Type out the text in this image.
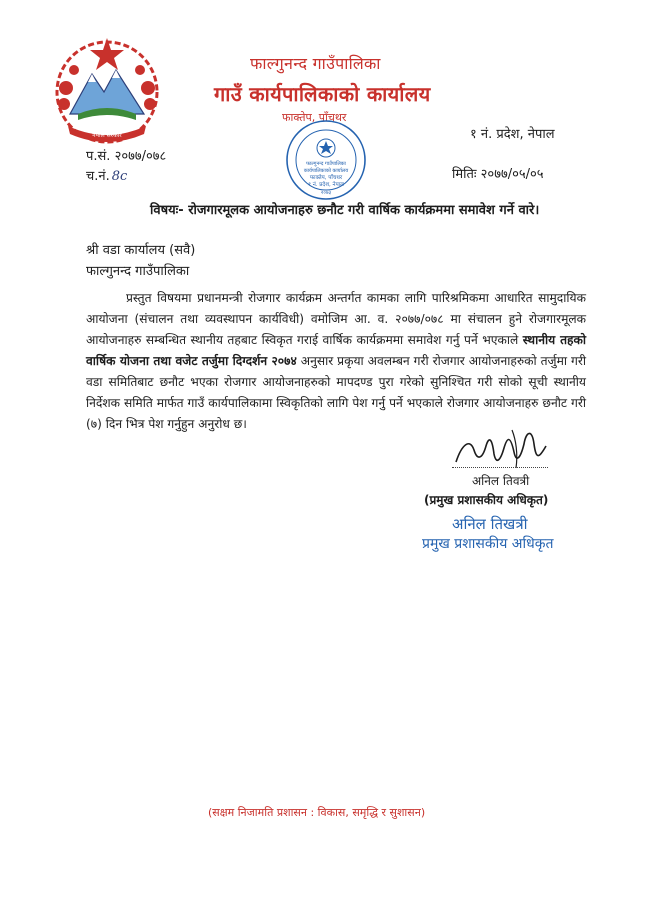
नेपाल सरकार
फाल्गुनन्द गाउँपालिका
गाउँ कार्यपालिकाको कार्यालय
फाक्तेप, पाँचथर
फाल्गुनन्द गाउँपालिका
कार्यपालिकाको कार्यालय
फाक्तेप, पाँचथर
१ नं. प्रदेश, नेपाल
२०७३
१ नं. प्रदेश, नेपाल
प.सं. २०७७/०७८
च.नं. 8c	मितिः २०७७/०५/०५
विषयः- रोजगारमूलक आयोजनाहरु छनौट गरी वार्षिक कार्यक्रममा समावेश गर्ने वारे।
श्री वडा कार्यालय (सवै)
फाल्गुनन्द गाउँपालिका
प्रस्तुत विषयमा प्रधानमन्त्री रोजगार कार्यक्रम अन्तर्गत कामका लागि पारिश्रमिकमा आधारित सामुदायिक आयोजना (संचालन तथा व्यवस्थापन कार्यविधी) वमोजिम आ. व. २०७७/०७८ मा संचालन हुने रोजगारमूलक आयोजनाहरु सम्बन्धित स्थानीय तहबाट स्विकृत गराई वार्षिक कार्यक्रममा समावेश गर्नु पर्ने भएकाले स्थानीय तहको वार्षिक योजना तथा वजेट तर्जुमा दिग्दर्शन २०७४ अनुसार प्रकृया अवलम्बन गरी रोजगार आयोजनाहरुको तर्जुमा गरी वडा समितिबाट छनौट भएका रोजगार आयोजनाहरुको मापदण्ड पुरा गरेको सुनिश्चित गरी सोको सूची स्थानीय निर्देशक समिति मार्फत गाउँ कार्यपालिकामा स्विकृतिको लागि पेश गर्नु पर्ने भएकाले रोजगार आयोजनाहरु छनौट गरी (७) दिन भित्र पेश गर्नुहुन अनुरोध छ।
अनिल तिवत्री
(प्रमुख प्रशासकीय अधिकृत)
अनिल तिखत्री
प्रमुख प्रशासकीय अधिकृत
(सक्षम निजामति प्रशासन : विकास, समृद्धि र सुशासन)
